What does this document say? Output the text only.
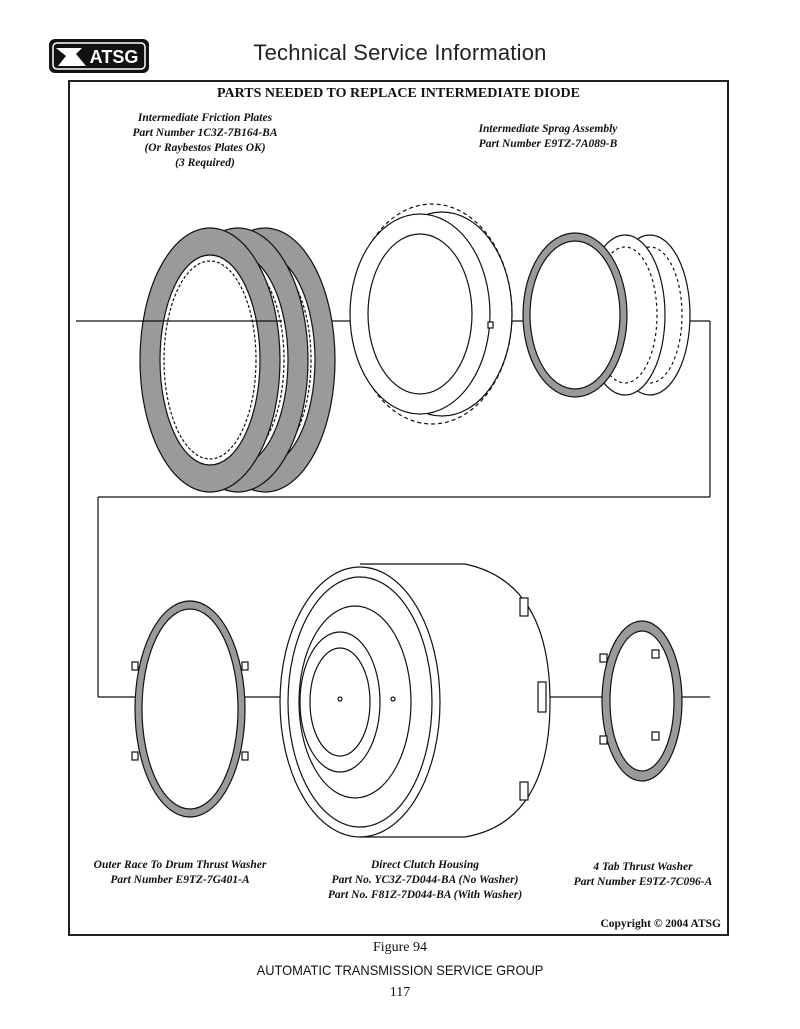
ATSG	Technical Service Information
PARTS NEEDED TO REPLACE INTERMEDIATE DIODE
Intermediate Friction Plates
Part Number 1C3Z-7B164-BA
(Or Raybestos Plates OK)
(3 Required)
Intermediate Sprag Assembly
Part Number E9TZ-7A089-B
Outer Race To Drum Thrust Washer
Part Number E9TZ-7G401-A
Direct Clutch Housing
Part No. YC3Z-7D044-BA (No Washer)
Part No. F81Z-7D044-BA (With Washer)
4 Tab Thrust Washer
Part Number E9TZ-7C096-A
Copyright © 2004 ATSG
Figure 94
AUTOMATIC TRANSMISSION SERVICE GROUP
117
